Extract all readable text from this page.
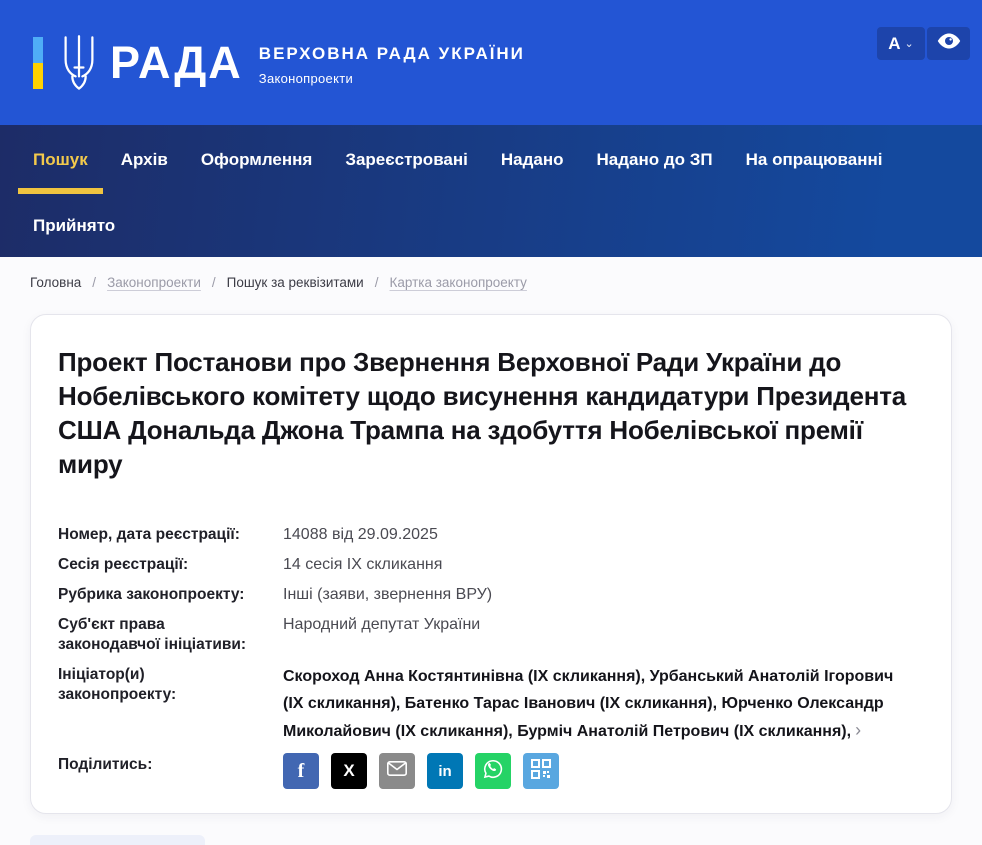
РАДА ВЕРХОВНА РАДА УКРАЇНИ
Законопроекти
A ⌄
Пошук	Архів	Оформлення	Зареєстровані	Надано	Надано до ЗП	На опрацюванні
Прийнято
Головна / Законопроекти / Пошук за реквізитами / Картка законопроекту
Проект Постанови про Звернення Верховної Ради України до Нобелівського комітету щодо висунення кандидатури Президента США Дональда Джона Трампа на здобуття Нобелівської премії миру
Номер, дата реєстрації:	14088 від 29.09.2025
Сесія реєстрації:	14 сесія ІХ скликання
Рубрика законопроекту:	Інші (заяви, звернення ВРУ)
Суб'єкт права законодавчої ініціативи:
Народний депутат України
Ініціатор(и) законопроекту:
Скороход Анна Костянтинівна (ІХ скликання), Урбанський Анатолій Ігорович (ІХ скликання), Батенко Тарас Іванович (ІХ скликання), Юрченко Олександр Миколайович (ІХ скликання), Бурміч Анатолій Петрович (ІХ скликання), ›
Поділитись:	f X	in
